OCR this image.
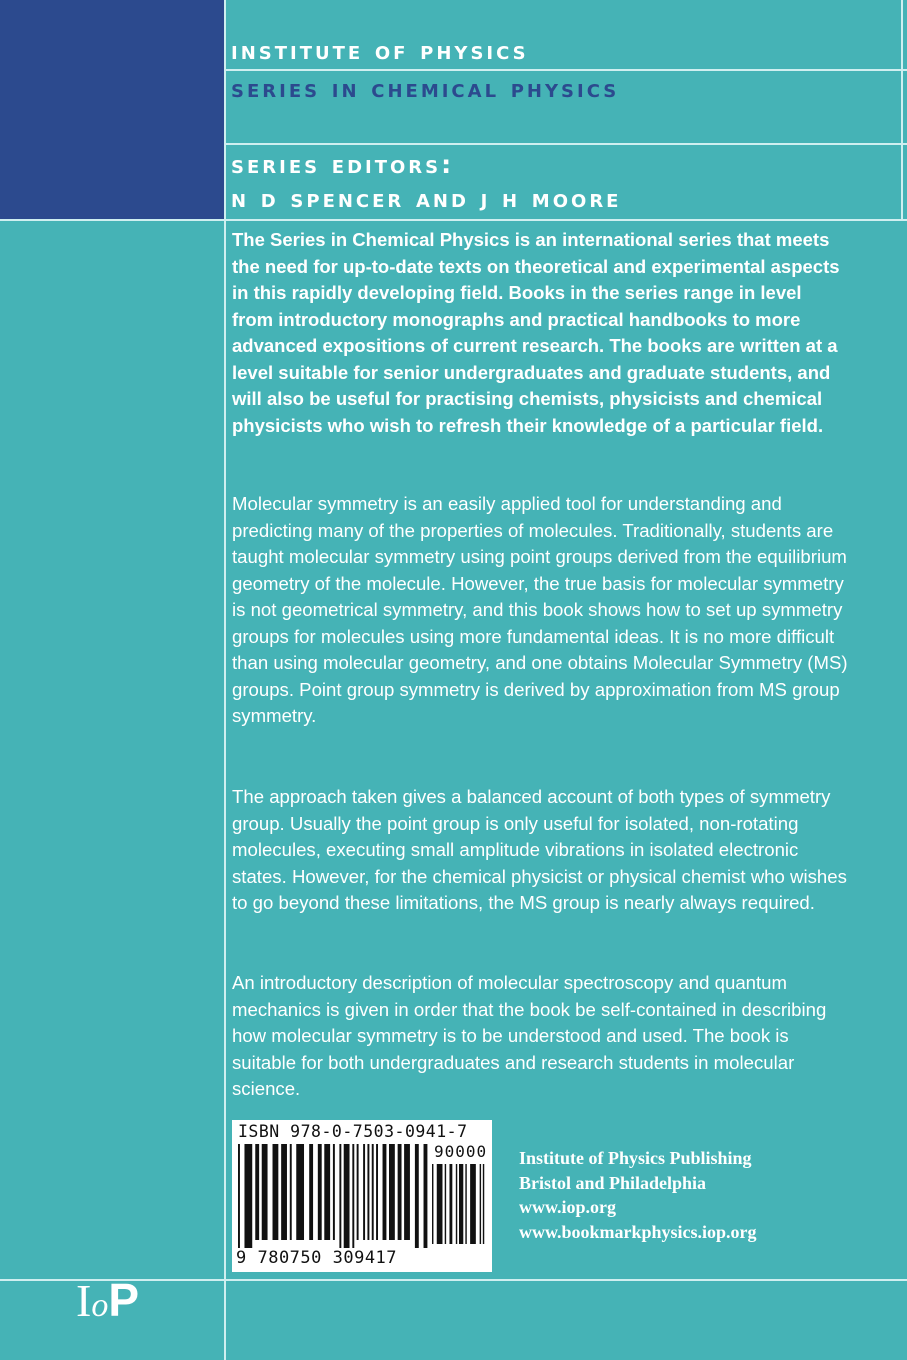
institute of physics
series in chemical physics
series editors:
n d spencer and j h moore
The Series in Chemical Physics is an international series that meets the need for up-to-date texts on theoretical and experimental aspects in this rapidly developing field. Books in the series range in level from introductory monographs and practical handbooks to more advanced expositions of current research. The books are written at a level suitable for senior undergraduates and graduate students, and will also be useful for practising chemists, physicists and chemical physicists who wish to refresh their knowledge of a particular field.
Molecular symmetry is an easily applied tool for understanding and predicting many of the properties of molecules. Traditionally, students are taught molecular symmetry using point groups derived from the equilibrium geometry of the molecule. However, the true basis for molecular symmetry is not geometrical symmetry, and this book shows how to set up symmetry groups for molecules using more fundamental ideas. It is no more difficult than using molecular geometry, and one obtains Molecular Symmetry (MS) groups. Point group symmetry is derived by approximation from MS group symmetry.
The approach taken gives a balanced account of both types of symmetry group. Usually the point group is only useful for isolated, non-rotating molecules, executing small amplitude vibrations in isolated electronic states. However, for the chemical physicist or physical chemist who wishes to go beyond these limitations, the MS group is nearly always required.
An introductory description of molecular spectroscopy and quantum mechanics is given in order that the book be self-contained in describing how molecular symmetry is to be understood and used. The book is suitable for both undergraduates and research students in molecular science.
ISBN 978-0-7503-0941-7
90000
9 780750 309417
Institute of Physics Publishing
Bristol and Philadelphia
www.iop.org
www.bookmarkphysics.iop.org
IoP
